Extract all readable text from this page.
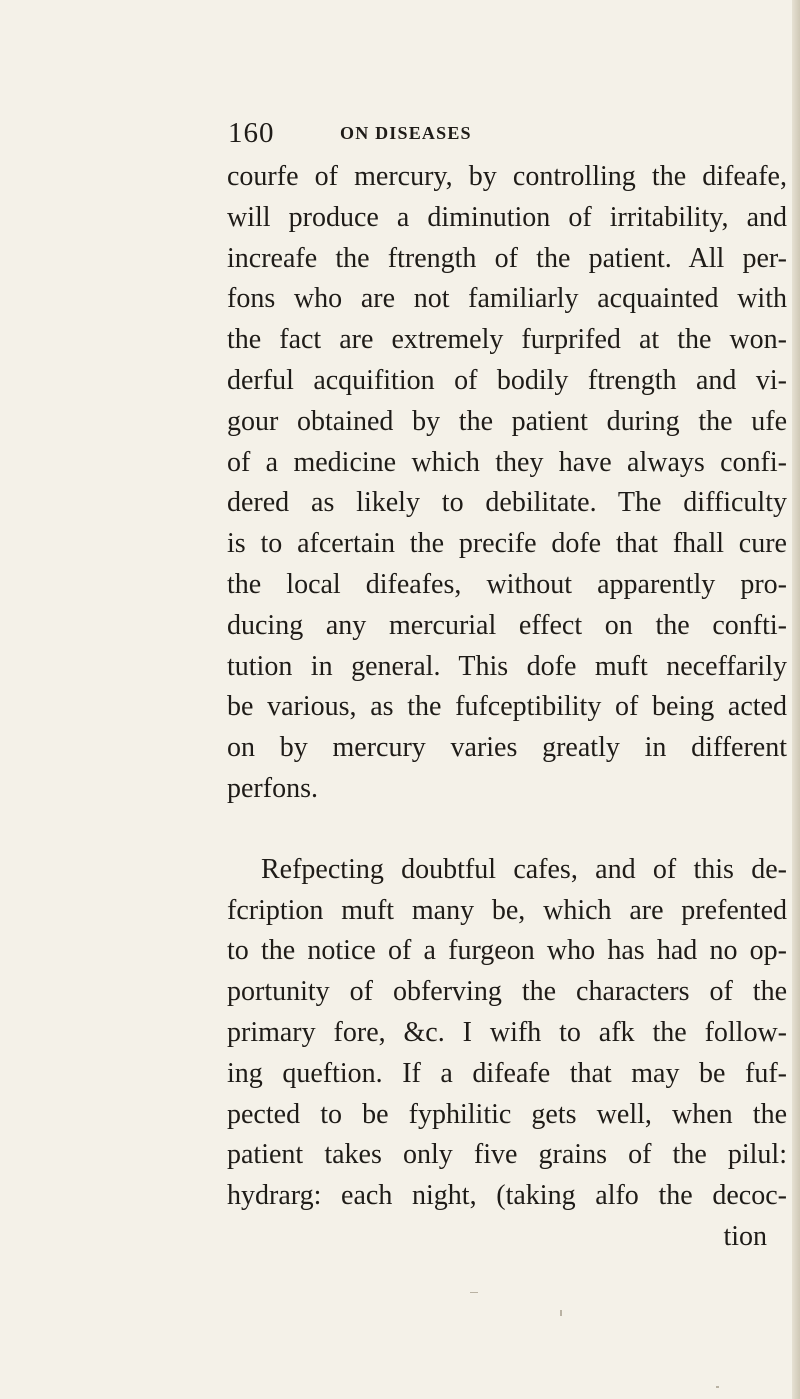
160	ON DISEASES
courfe of mercury, by controlling the difeafe,
will produce a diminution of irritability, and
increafe the ftrength of the patient. All per-
fons who are not familiarly acquainted with
the fact are extremely furprifed at the won-
derful acquifition of bodily ftrength and vi-
gour obtained by the patient during the ufe
of a medicine which they have always confi-
dered as likely to debilitate. The difficulty
is to afcertain the precife dofe that fhall cure
the local difeafes, without apparently pro-
ducing any mercurial effect on the confti-
tution in general. This dofe muft neceffarily
be various, as the fufceptibility of being acted
on by mercury varies greatly in different
perfons.
Refpecting doubtful cafes, and of this de-
fcription muft many be, which are prefented
to the notice of a furgeon who has had no op-
portunity of obferving the characters of the
primary fore, &c. I wifh to afk the follow-
ing queftion. If a difeafe that may be fuf-
pected to be fyphilitic gets well, when the
patient takes only five grains of the pilul:
hydrarg: each night, (taking alfo the decoc-
tion
